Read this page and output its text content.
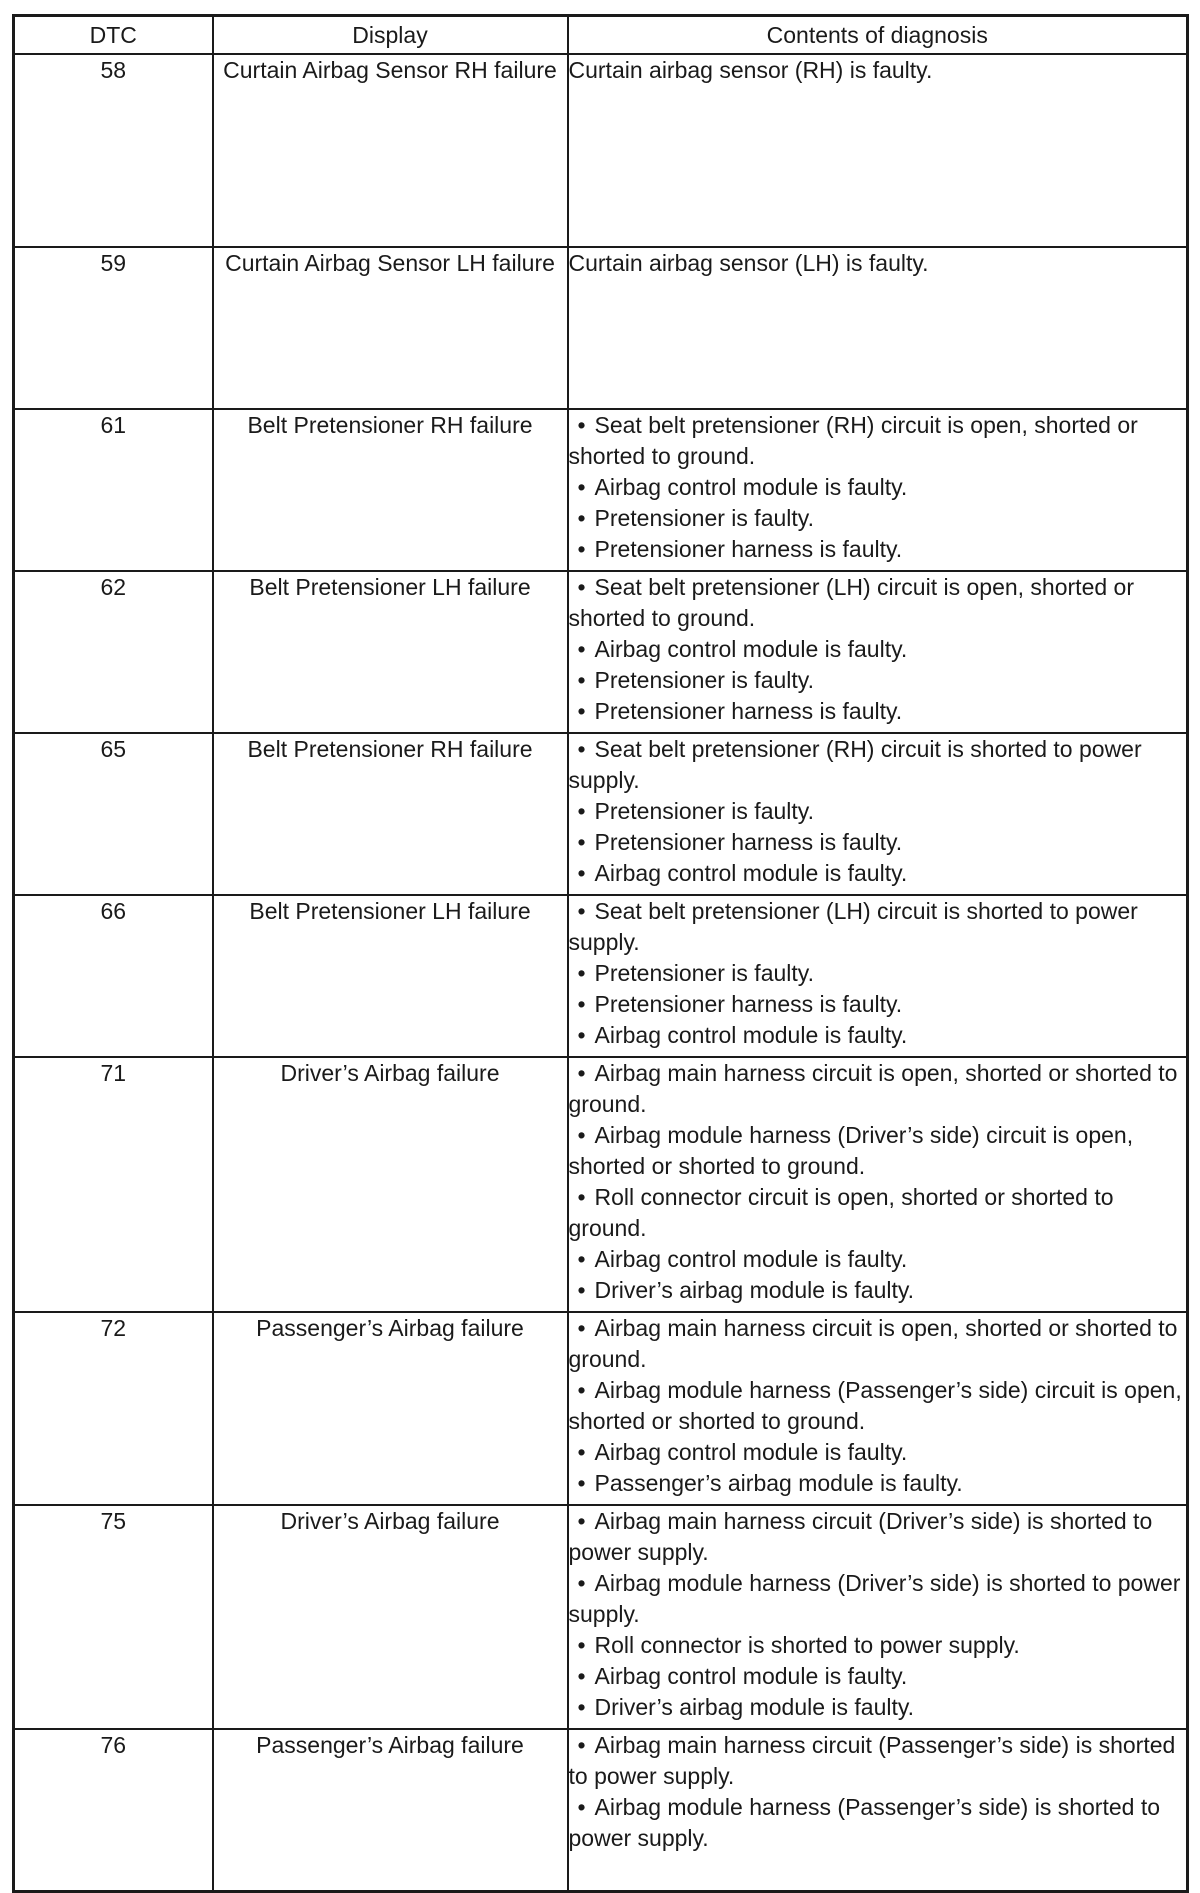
DTC	Display	Contents of diagnosis
58	Curtain Airbag Sensor RH failure	Curtain airbag sensor (RH) is faulty.
59	Curtain Airbag Sensor LH failure	Curtain airbag sensor (LH) is faulty.
61	Belt Pretensioner RH failure	• Seat belt pretensioner (RH) circuit is open, shorted or shorted to ground.
• Airbag control module is faulty.
• Pretensioner is faulty.
• Pretensioner harness is faulty.

62	Belt Pretensioner LH failure	• Seat belt pretensioner (LH) circuit is open, shorted or shorted to ground.
• Airbag control module is faulty.
• Pretensioner is faulty.
• Pretensioner harness is faulty.

65	Belt Pretensioner RH failure	• Seat belt pretensioner (RH) circuit is shorted to power supply.
• Pretensioner is faulty.
• Pretensioner harness is faulty.
• Airbag control module is faulty.

66	Belt Pretensioner LH failure	• Seat belt pretensioner (LH) circuit is shorted to power supply.
• Pretensioner is faulty.
• Pretensioner harness is faulty.
• Airbag control module is faulty.

71	Driver’s Airbag failure	• Airbag main harness circuit is open, shorted or shorted to ground.
• Airbag module harness (Driver’s side) circuit is open, shorted or shorted to ground.
• Roll connector circuit is open, shorted or shorted to ground.
• Airbag control module is faulty.
• Driver’s airbag module is faulty.

72	Passenger’s Airbag failure	• Airbag main harness circuit is open, shorted or shorted to ground.
• Airbag module harness (Passenger’s side) circuit is open, shorted or shorted to ground.
• Airbag control module is faulty.
• Passenger’s airbag module is faulty.

75	Driver’s Airbag failure	• Airbag main harness circuit (Driver’s side) is shorted to power supply.
• Airbag module harness (Driver’s side) is shorted to power supply.
• Roll connector is shorted to power supply.
• Airbag control module is faulty.
• Driver’s airbag module is faulty.

76	Passenger’s Airbag failure	• Airbag main harness circuit (Passenger’s side) is shorted to power supply.
• Airbag module harness (Passenger’s side) is shorted to power supply.
